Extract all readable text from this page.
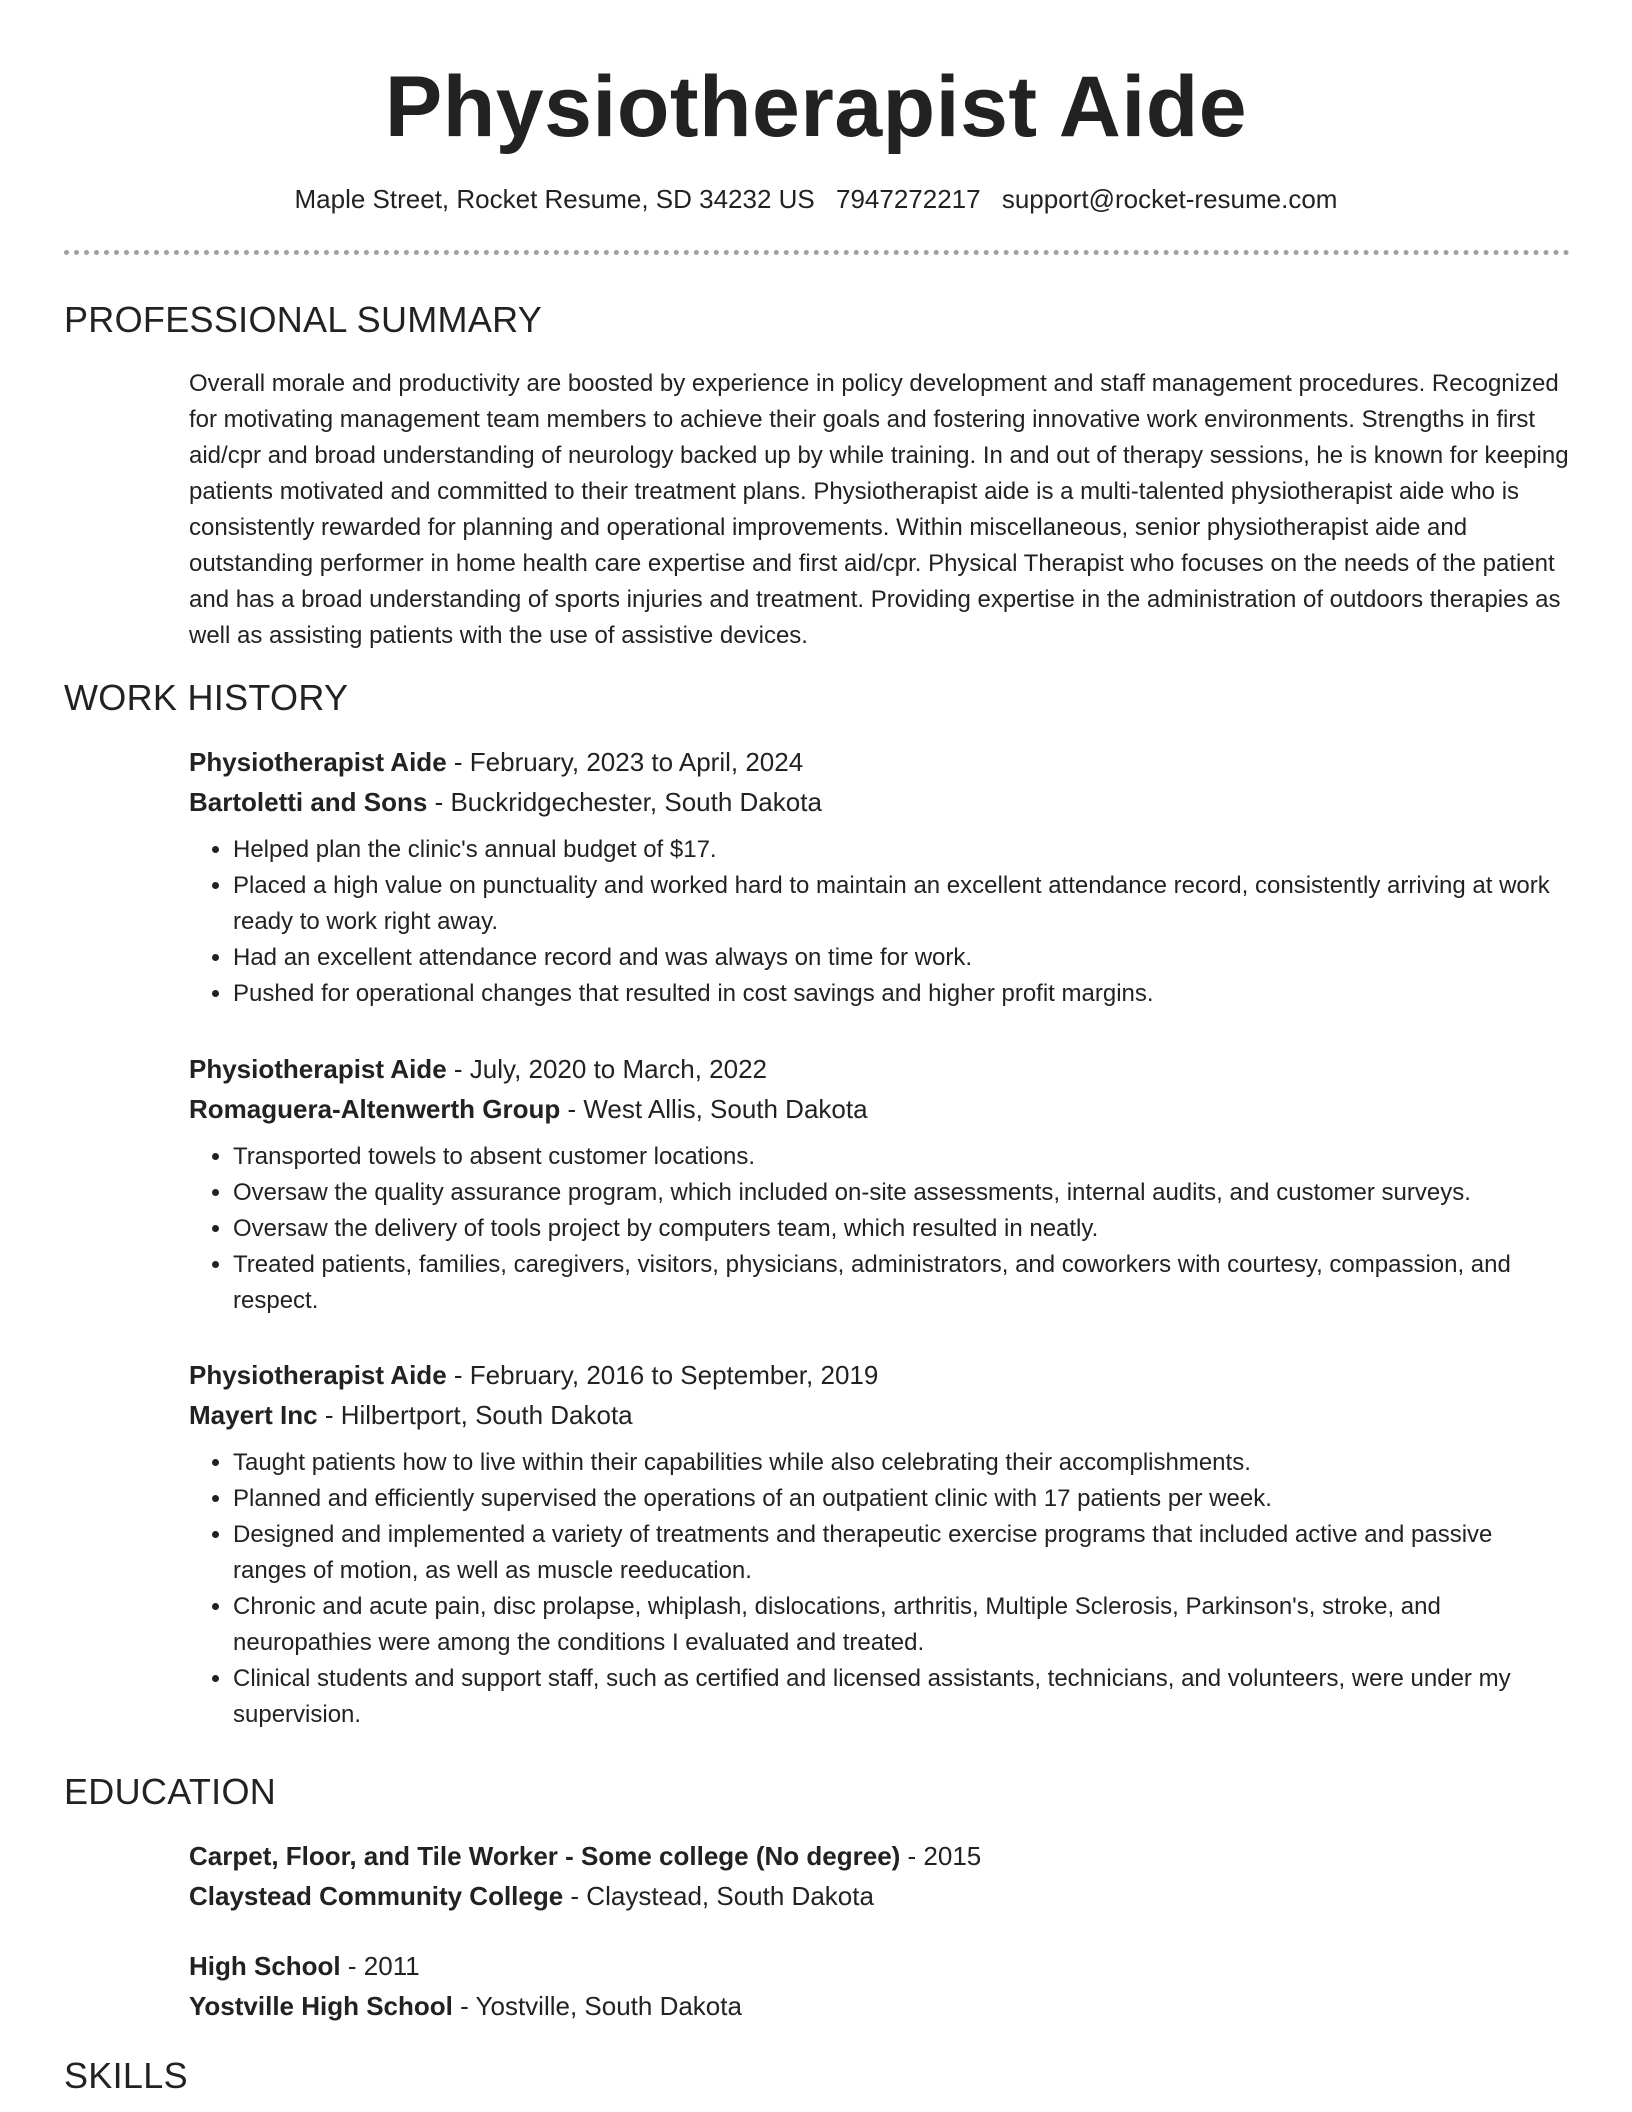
Physiotherapist Aide
Maple Street, Rocket Resume, SD 34232 US 7947272217 support@rocket-resume.com
PROFESSIONAL SUMMARY

Overall morale and productivity are boosted by experience in policy development and staff management procedures. Recognized for motivating management team members to achieve their goals and fostering innovative work environments. Strengths in first aid/cpr and broad understanding of neurology backed up by while training. In and out of therapy sessions, he is known for keeping patients motivated and committed to their treatment plans. Physiotherapist aide is a multi-talented physiotherapist aide who is consistently rewarded for planning and operational improvements. Within miscellaneous, senior physiotherapist aide and outstanding performer in home health care expertise and first aid/cpr. Physical Therapist who focuses on the needs of the patient and has a broad understanding of sports injuries and treatment. Providing expertise in the administration of outdoors therapies as well as assisting patients with the use of assistive devices.

WORK HISTORY
Physiotherapist Aide - February, 2023 to April, 2024
Bartoletti and Sons - Buckridgechester, South Dakota
• Helped plan the clinic's annual budget of $17.
• Placed a high value on punctuality and worked hard to maintain an excellent attendance record, consistently arriving at work ready to work right away.
• Had an excellent attendance record and was always on time for work.
• Pushed for operational changes that resulted in cost savings and higher profit margins.
Physiotherapist Aide - July, 2020 to March, 2022
Romaguera-Altenwerth Group - West Allis, South Dakota
• Transported towels to absent customer locations.
• Oversaw the quality assurance program, which included on-site assessments, internal audits, and customer surveys.
• Oversaw the delivery of tools project by computers team, which resulted in neatly.
• Treated patients, families, caregivers, visitors, physicians, administrators, and coworkers with courtesy, compassion, and respect.
Physiotherapist Aide - February, 2016 to September, 2019
Mayert Inc - Hilbertport, South Dakota
• Taught patients how to live within their capabilities while also celebrating their accomplishments.
• Planned and efficiently supervised the operations of an outpatient clinic with 17 patients per week.
• Designed and implemented a variety of treatments and therapeutic exercise programs that included active and passive ranges of motion, as well as muscle reeducation.
• Chronic and acute pain, disc prolapse, whiplash, dislocations, arthritis, Multiple Sclerosis, Parkinson's, stroke, and neuropathies were among the conditions I evaluated and treated.
• Clinical students and support staff, such as certified and licensed assistants, technicians, and volunteers, were under my supervision.
EDUCATION
Carpet, Floor, and Tile Worker - Some college (No degree) - 2015
Claystead Community College - Claystead, South Dakota
High School - 2011
Yostville High School - Yostville, South Dakota
SKILLS
